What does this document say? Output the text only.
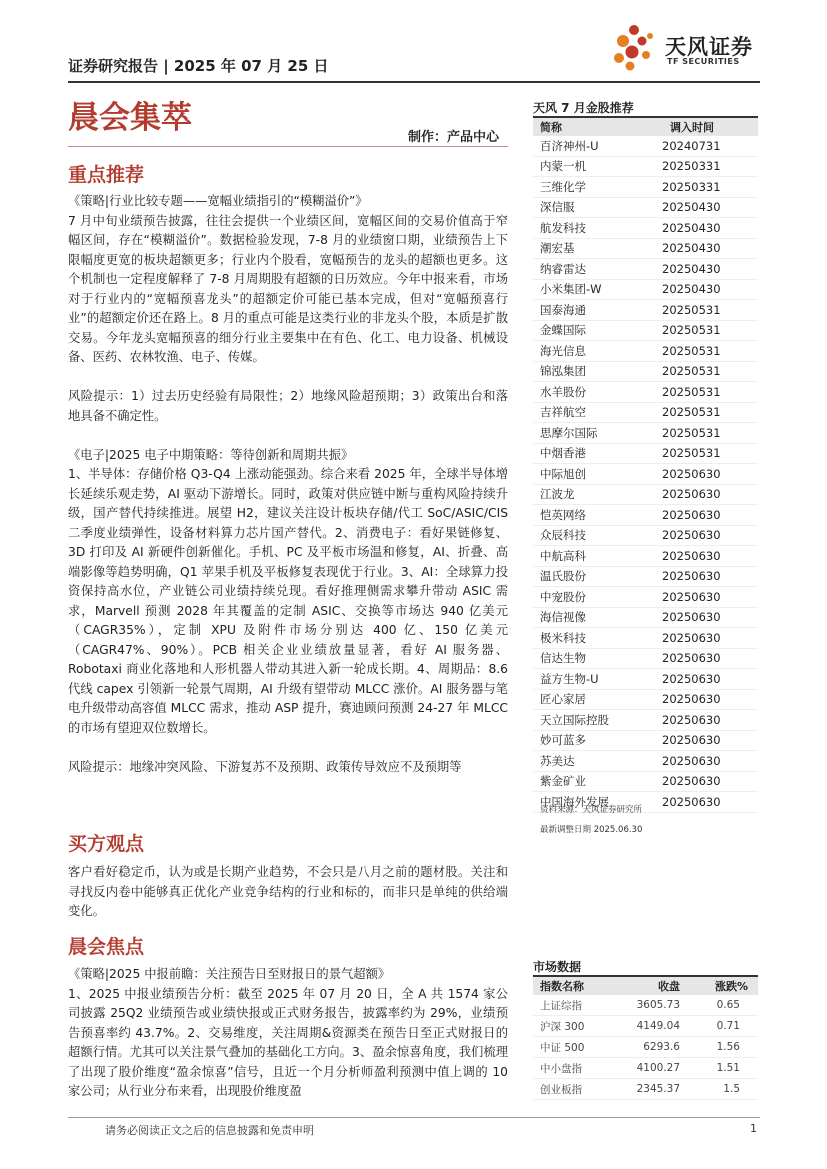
证券研究报告 | 2025 年 07 月 25 日
天风证券
TF SECURITIES
晨会集萃
制作：产品中心
重点推荐

《策略|行业比较专题——宽幅业绩指引的“模糊溢价”》

7 月中旬业绩预告披露，往往会提供一个业绩区间，宽幅区间的交易价值高于窄幅区间，存在“模糊溢价”。数据检验发现，7-8 月的业绩窗口期，业绩预告上下限幅度更宽的板块超额更多；行业内个股看，宽幅预告的龙头的超额也更多。这个机制也一定程度解释了 7-8 月周期股有超额的日历效应。今年中报来看，市场对于行业内的“宽幅预喜龙头”的超额定价可能已基本完成，但对“宽幅预喜行业”的超额定价还在路上。8 月的重点可能是这类行业的非龙头个股，本质是扩散交易。今年龙头宽幅预喜的细分行业主要集中在有色、化工、电力设备、机械设备、医药、农林牧渔、电子、传媒。

风险提示：1）过去历史经验有局限性；2）地缘风险超预期；3）政策出台和落地具备不确定性。

《电子|2025 电子中期策略：等待创新和周期共振》

1、半导体：存储价格 Q3-Q4 上涨动能强劲。综合来看 2025 年，全球半导体增长延续乐观走势，AI 驱动下游增长。同时，政策对供应链中断与重构风险持续升级，国产替代持续推进。展望 H2，建议关注设计板块存储/代工 SoC/ASIC/CIS 二季度业绩弹性，设备材料算力芯片国产替代。2、消费电子：看好果链修复、3D 打印及 AI 新硬件创新催化。手机、PC 及平板市场温和修复，AI、折叠、高端影像等趋势明确，Q1 苹果手机及平板修复表现优于行业。3、AI：全球算力投资保持高水位，产业链公司业绩持续兑现。看好推理侧需求攀升带动 ASIC 需求，Marvell 预测 2028 年其覆盖的定制 ASIC、交换等市场达 940 亿美元（CAGR35%），定制 XPU 及附件市场分别达 400 亿、150 亿美元（CAGR47%、90%）。PCB 相关企业业绩放量显著，看好 AI 服务器、Robotaxi 商业化落地和人形机器人带动其进入新一轮成长期。4、周期品：8.6 代线 capex 引领新一轮景气周期，AI 升级有望带动 MLCC 涨价。AI 服务器与笔电升级带动高容值 MLCC 需求，推动 ASP 提升，赛迪顾问预测 24-27 年 MLCC 的市场有望迎双位数增长。

风险提示：地缘冲突风险、下游复苏不及预期、政策传导效应不及预期等

买方观点

客户看好稳定币，认为或是长期产业趋势，不会只是八月之前的题材股。关注和寻找反内卷中能够真正优化产业竞争结构的行业和标的，而非只是单纯的供给端变化。

晨会焦点

《策略|2025 中报前瞻：关注预告日至财报日的景气超额》

1、2025 中报业绩预告分析：截至 2025 年 07 月 20 日，全 A 共 1574 家公司披露 25Q2 业绩预告或业绩快报或正式财务报告，披露率约为 29%，业绩预告预喜率约 43.7%。2、交易维度，关注周期&资源类在预告日至正式财报日的超额行情。尤其可以关注景气叠加的基础化工方向。3、盈余惊喜角度，我们梳理了出现了股价维度“盈余惊喜”信号，且近一个月分析师盈利预测中值上调的 10 家公司；从行业分布来看，出现股价维度盈

天风 7 月金股推荐
简称	调入时间
百济神州-U	20240731
内蒙一机	20250331
三维化学	20250331
深信服	20250430
航发科技	20250430
潮宏基	20250430
纳睿雷达	20250430
小米集团-W	20250430
国泰海通	20250531
金蝶国际	20250531
海光信息	20250531
锦泓集团	20250531
水羊股份	20250531
吉祥航空	20250531
思摩尔国际	20250531
中烟香港	20250531
中际旭创	20250630
江波龙	20250630
恺英网络	20250630
众辰科技	20250630
中航高科	20250630
温氏股份	20250630
中宠股份	20250630
海信视像	20250630
极米科技	20250630
信达生物	20250630
益方生物-U	20250630
匠心家居	20250630
天立国际控股	20250630
妙可蓝多	20250630
苏美达	20250630
紫金矿业	20250630
中国海外发展	20250630
资料来源：天风证券研究所
最新调整日期 2025.06.30
市场数据
指数名称	收盘	涨跌%
上证综指	3605.73	0.65
沪深 300	4149.04	0.71
中证 500	6293.6	1.56
中小盘指	4100.27	1.51
创业板指	2345.37	1.5
请务必阅读正文之后的信息披露和免责申明	1
